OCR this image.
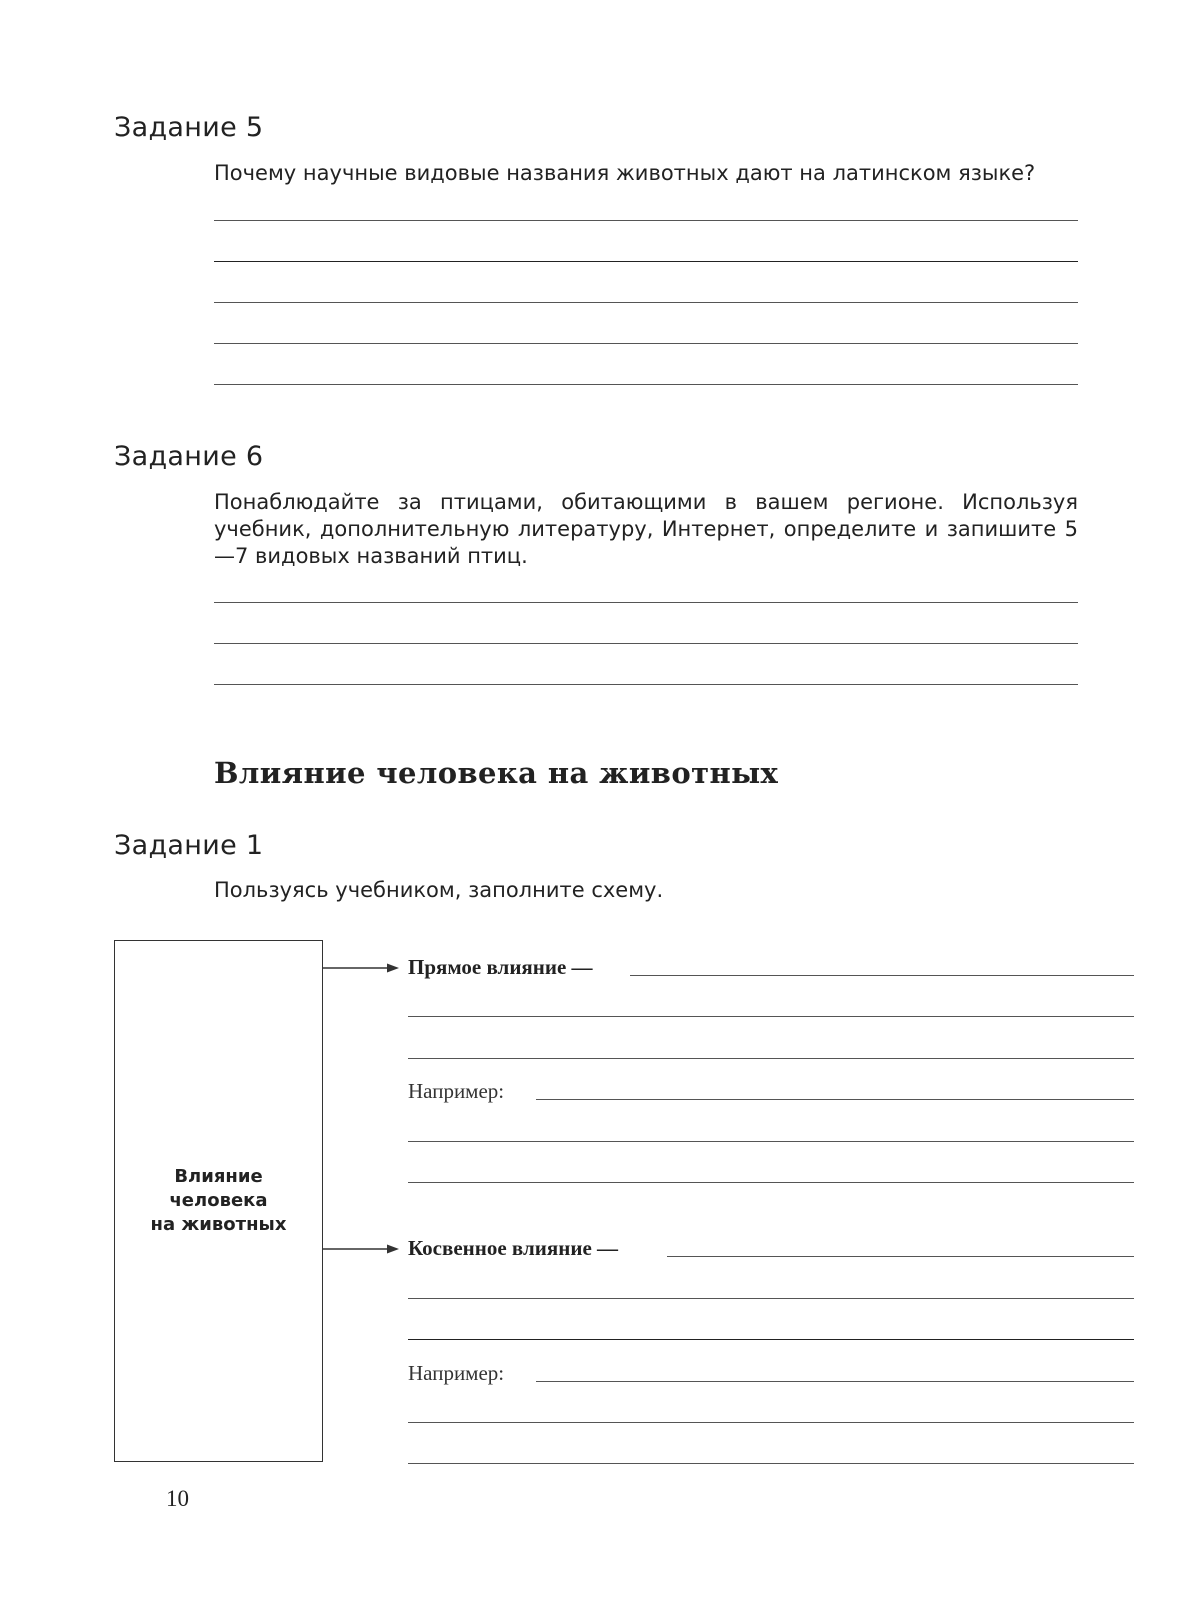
Задание 5

Почему научные видовые названия животных дают на латинском языке?

Задание 6

Понаблюдайте за птицами, обитающими в вашем регионе. Используя учебник, дополнительную литературу, Интернет, определите и запишите 5—7 видовых названий птиц.

Влияние человека на животных
Задание 1

Пользуясь учебником, заполните схему.

Влияние
человека
на животных

Прямое влияние —

Например:

Косвенное влияние —

Например:

10
